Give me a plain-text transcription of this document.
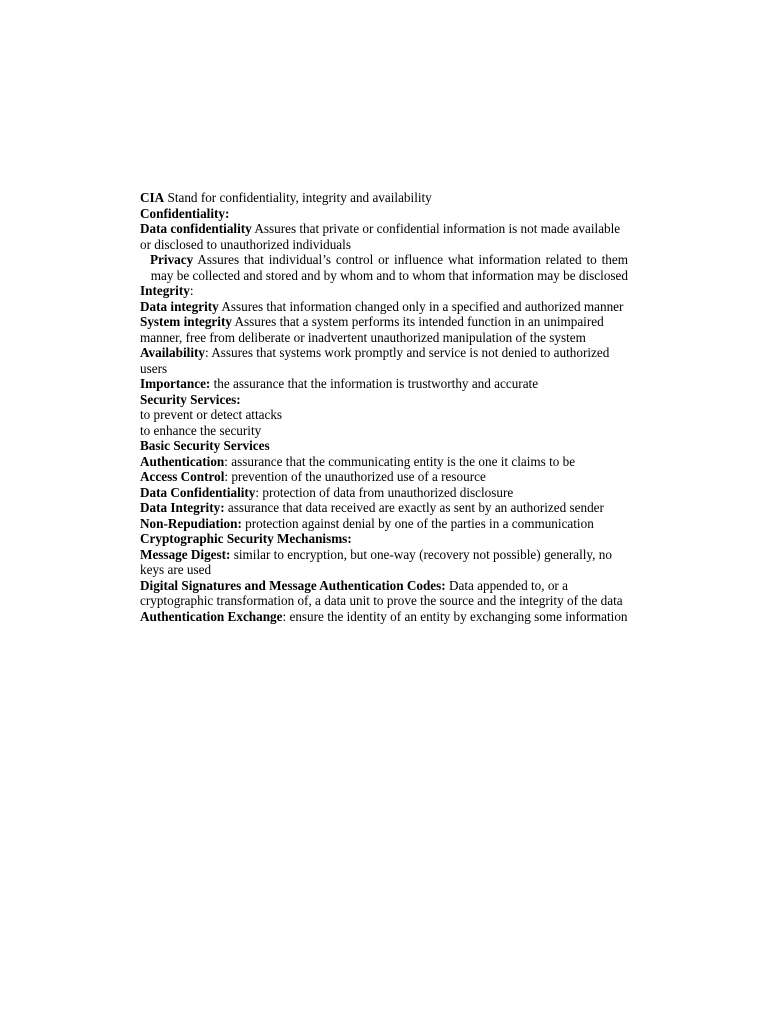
CIA Stand for confidentiality, integrity and availability

Confidentiality:

Data confidentiality Assures that private or confidential information is not made available or disclosed to unauthorized individuals

Privacy Assures that individual’s control or influence what information related to them may be collected and stored and by whom and to whom that information may be disclosed

Integrity:

Data integrity Assures that information changed only in a specified and authorized manner

System integrity Assures that a system performs its intended function in an unimpaired manner, free from deliberate or inadvertent unauthorized manipulation of the system

Availability: Assures that systems work promptly and service is not denied to authorized users

Importance: the assurance that the information is trustworthy and accurate

Security Services:

to prevent or detect attacks

to enhance the security

Basic Security Services

Authentication: assurance that the communicating entity is the one it claims to be

Access Control: prevention of the unauthorized use of a resource

Data Confidentiality: protection of data from unauthorized disclosure

Data Integrity: assurance that data received are exactly as sent by an authorized sender

Non-Repudiation: protection against denial by one of the parties in a communication

Cryptographic Security Mechanisms:

Message Digest: similar to encryption, but one-way (recovery not possible) generally, no keys are used

Digital Signatures and Message Authentication Codes: Data appended to, or a cryptographic transformation of, a data unit to prove the source and the integrity of the data

Authentication Exchange: ensure the identity of an entity by exchanging some information
